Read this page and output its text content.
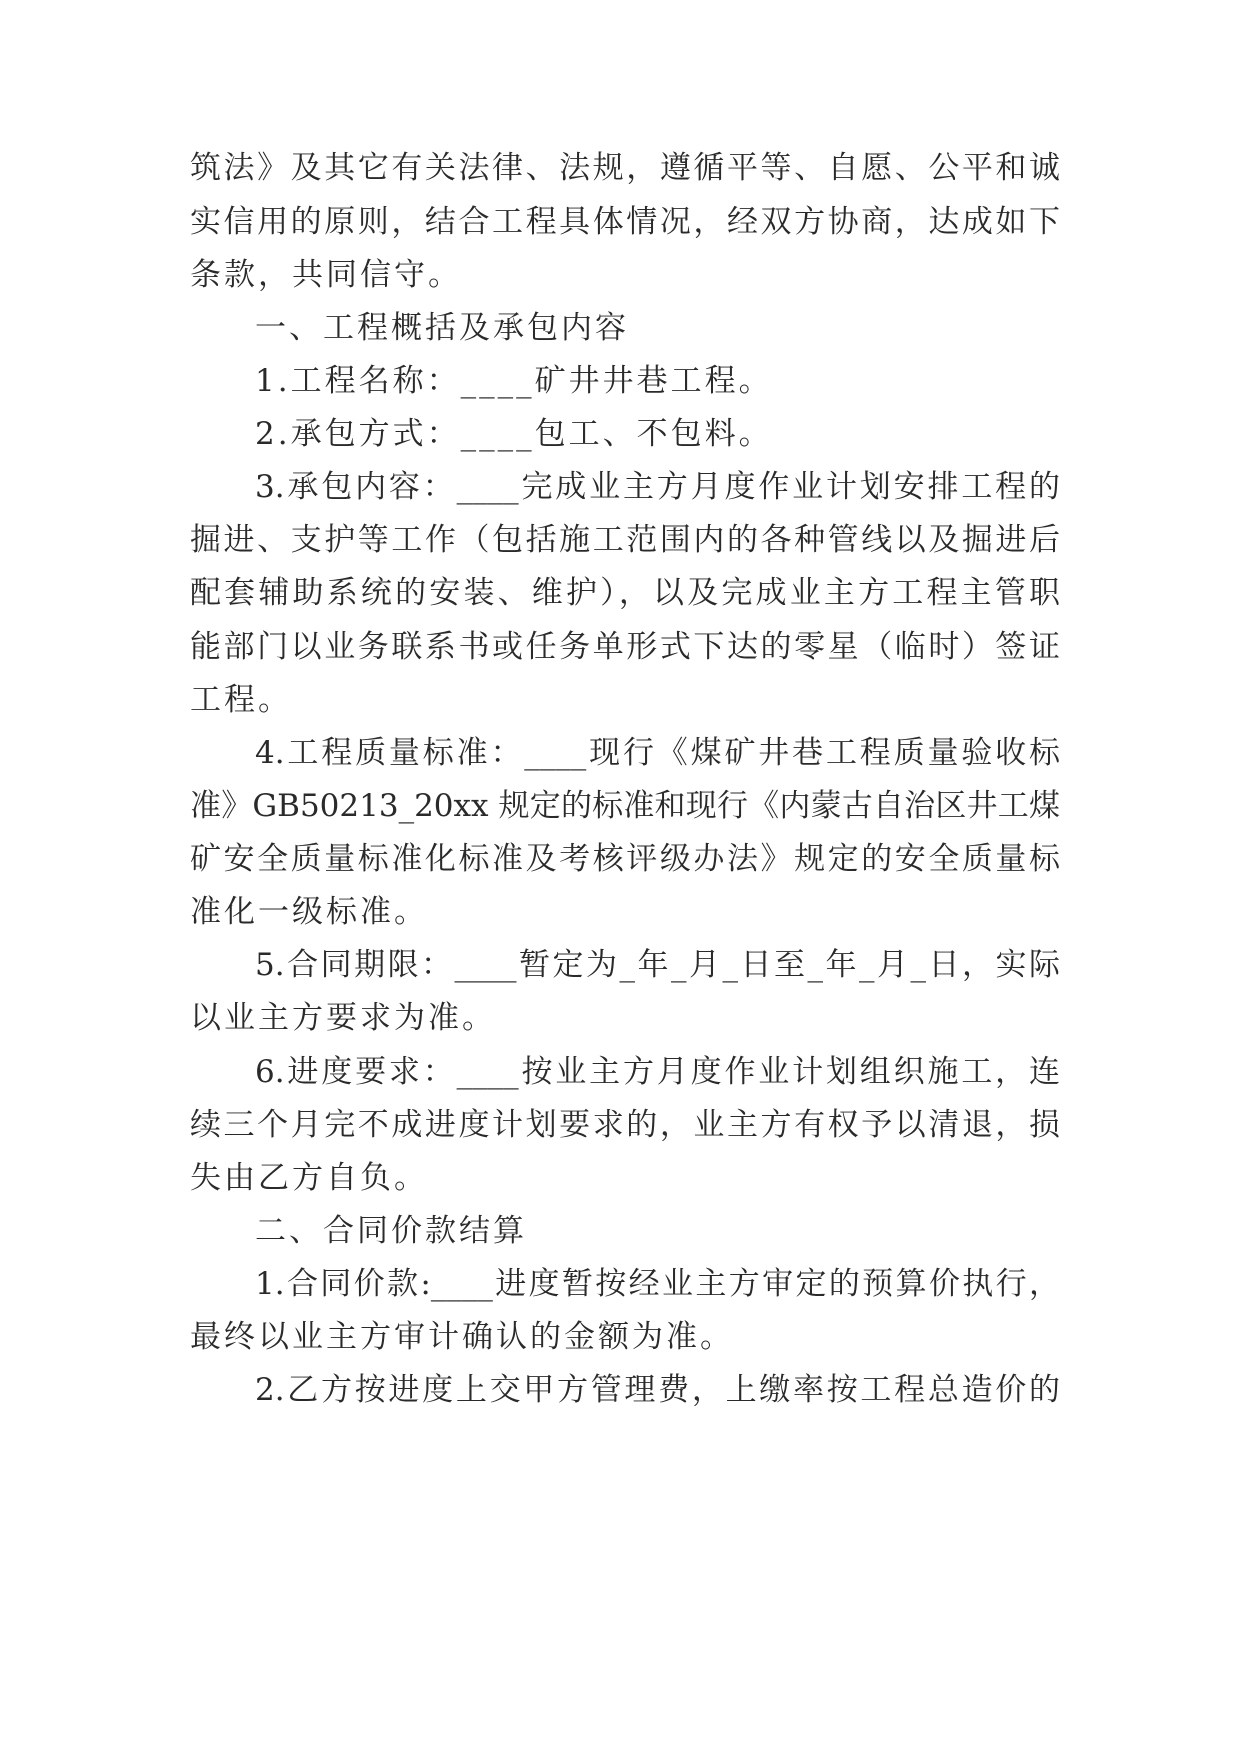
筑法》及其它有关法律、法规，遵循平等、自愿、公平和诚
实信用的原则，结合工程具体情况，经双方协商，达成如下
条款，共同信守。
一、工程概括及承包内容
1.工程名称：____矿井井巷工程。
2.承包方式：____包工、不包料。
3.承包内容：____完成业主方月度作业计划安排工程的
掘进、支护等工作（包括施工范围内的各种管线以及掘进后
配套辅助系统的安装、维护），以及完成业主方工程主管职
能部门以业务联系书或任务单形式下达的零星（临时）签证
工程。
4.工程质量标准：____现行《煤矿井巷工程质量验收标
准》GB50213_20xx 规定的标准和现行《内蒙古自治区井工煤
矿安全质量标准化标准及考核评级办法》规定的安全质量标
准化一级标准。
5.合同期限：____暂定为_年_月_日至_年_月_日，实际
以业主方要求为准。
6.进度要求：____按业主方月度作业计划组织施工，连
续三个月完不成进度计划要求的，业主方有权予以清退，损
失由乙方自负。
二、合同价款结算
1.合同价款:____进度暂按经业主方审定的预算价执行，
最终以业主方审计确认的金额为准。
2.乙方按进度上交甲方管理费，上缴率按工程总造价的
